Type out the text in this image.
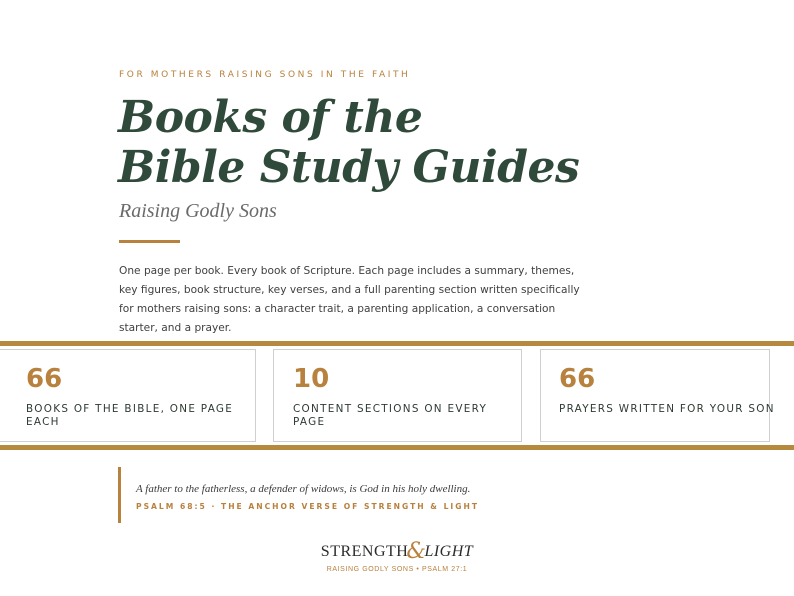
FOR MOTHERS RAISING SONS IN THE FAITH
Books of the
Bible Study Guides
Raising Godly Sons

One page per book. Every book of Scripture. Each page includes a summary, themes, key figures, book structure, key verses, and a full parenting section written specifically for mothers raising sons: a character trait, a parenting application, a conversation starter, and a prayer.

66
BOOKS OF THE BIBLE, ONE PAGE EACH
10
CONTENT SECTIONS ON EVERY PAGE
66
PRAYERS WRITTEN FOR YOUR SON
A father to the fatherless, a defender of widows, is God in his holy dwelling.
PSALM 68:5 · THE ANCHOR VERSE OF STRENGTH & LIGHT
STRENGTH&LIGHT
RAISING GODLY SONS • PSALM 27:1
